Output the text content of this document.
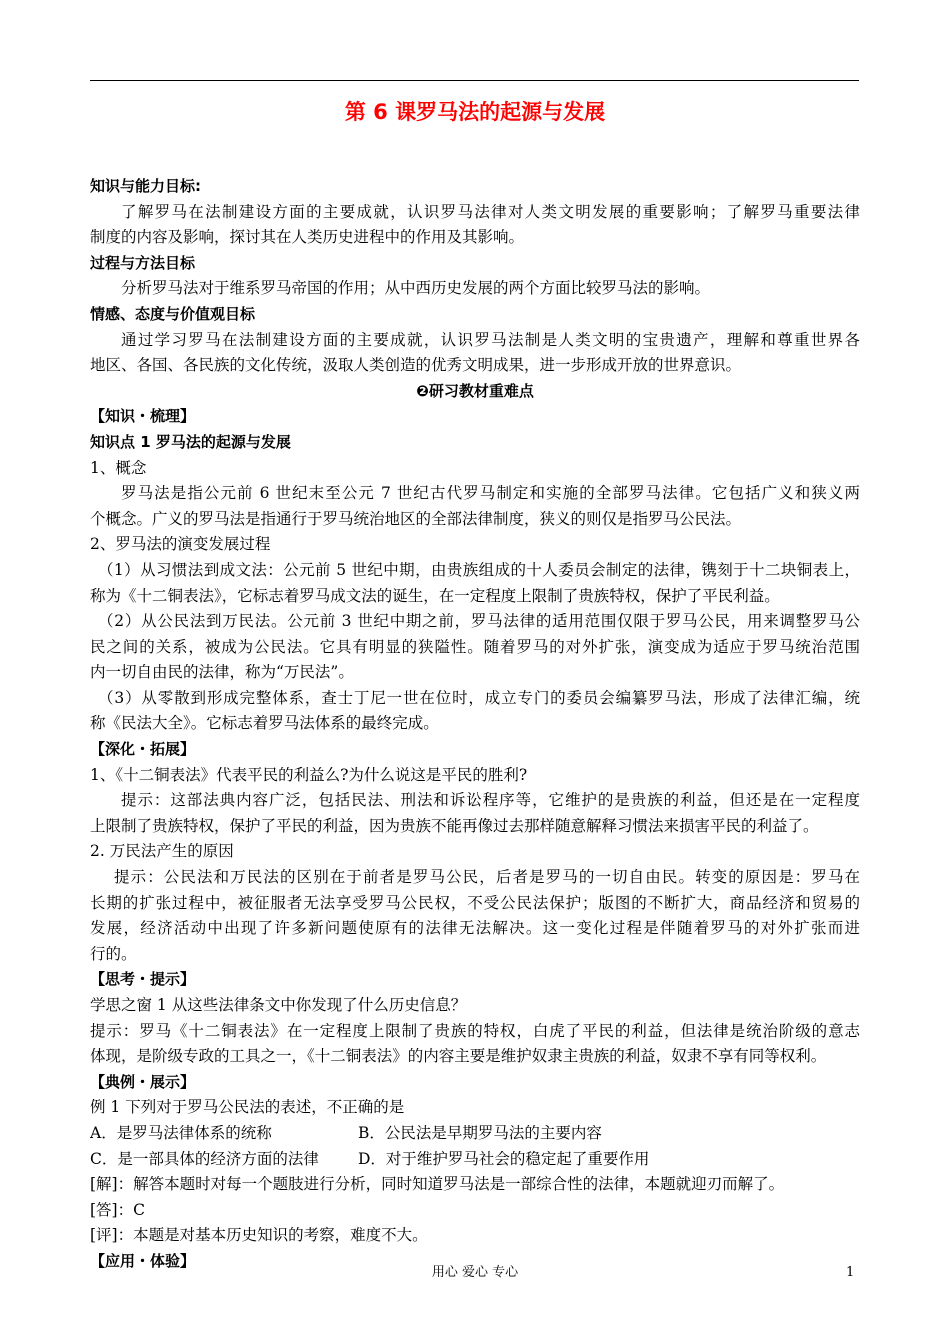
第 6 课罗马法的起源与发展
知识与能力目标:
了解罗马在法制建设方面的主要成就，认识罗马法律对人类文明发展的重要影响；了解罗马重要法律
制度的内容及影响，探讨其在人类历史进程中的作用及其影响。
过程与方法目标
分析罗马法对于维系罗马帝国的作用；从中西历史发展的两个方面比较罗马法的影响。
情感、态度与价值观目标
通过学习罗马在法制建设方面的主要成就，认识罗马法制是人类文明的宝贵遗产，理解和尊重世界各
地区、各国、各民族的文化传统，汲取人类创造的优秀文明成果，进一步形成开放的世界意识。
❷研习教材重难点
【知识・梳理】
知识点 1 罗马法的起源与发展
1、概念
罗马法是指公元前 6 世纪末至公元 7 世纪古代罗马制定和实施的全部罗马法律。它包括广义和狭义两
个概念。广义的罗马法是指通行于罗马统治地区的全部法律制度，狭义的则仅是指罗马公民法。
2、罗马法的演变发展过程
（1）从习惯法到成文法：公元前 5 世纪中期，由贵族组成的十人委员会制定的法律，镌刻于十二块铜表上，
称为《十二铜表法》，它标志着罗马成文法的诞生，在一定程度上限制了贵族特权，保护了平民利益。
（2）从公民法到万民法。公元前 3 世纪中期之前，罗马法律的适用范围仅限于罗马公民，用来调整罗马公
民之间的关系，被成为公民法。它具有明显的狭隘性。随着罗马的对外扩张，演变成为适应于罗马统治范围
内一切自由民的法律，称为“万民法”。
（3）从零散到形成完整体系，查士丁尼一世在位时，成立专门的委员会编纂罗马法，形成了法律汇编，统
称《民法大全》。它标志着罗马法体系的最终完成。
【深化・拓展】
1、《十二铜表法》代表平民的利益么?为什么说这是平民的胜利?
提示：这部法典内容广泛，包括民法、刑法和诉讼程序等，它维护的是贵族的利益，但还是在一定程度
上限制了贵族特权，保护了平民的利益，因为贵族不能再像过去那样随意解释习惯法来损害平民的利益了。
2. 万民法产生的原因
提示：公民法和万民法的区别在于前者是罗马公民，后者是罗马的一切自由民。转变的原因是：罗马在
长期的扩张过程中，被征服者无法享受罗马公民权，不受公民法保护；版图的不断扩大，商品经济和贸易的
发展，经济活动中出现了许多新问题使原有的法律无法解决。这一变化过程是伴随着罗马的对外扩张而进
行的。
【思考・提示】
学思之窗 1 从这些法律条文中你发现了什么历史信息？
提示：罗马《十二铜表法》在一定程度上限制了贵族的特权，白虎了平民的利益，但法律是统治阶级的意志
体现，是阶级专政的工具之一，《十二铜表法》的内容主要是维护奴隶主贵族的利益，奴隶不享有同等权利。
【典例・展示】
例 1 下列对于罗马公民法的表述，不正确的是
A．是罗马法律体系的统称	B．公民法是早期罗马法的主要内容
C．是一部具体的经济方面的法律	D．对于维护罗马社会的稳定起了重要作用
[解]：解答本题时对每一个题肢进行分析，同时知道罗马法是一部综合性的法律，本题就迎刃而解了。
[答]：C
[评]：本题是对基本历史知识的考察，难度不大。
【应用・体验】
用心 爱心 专心	1
